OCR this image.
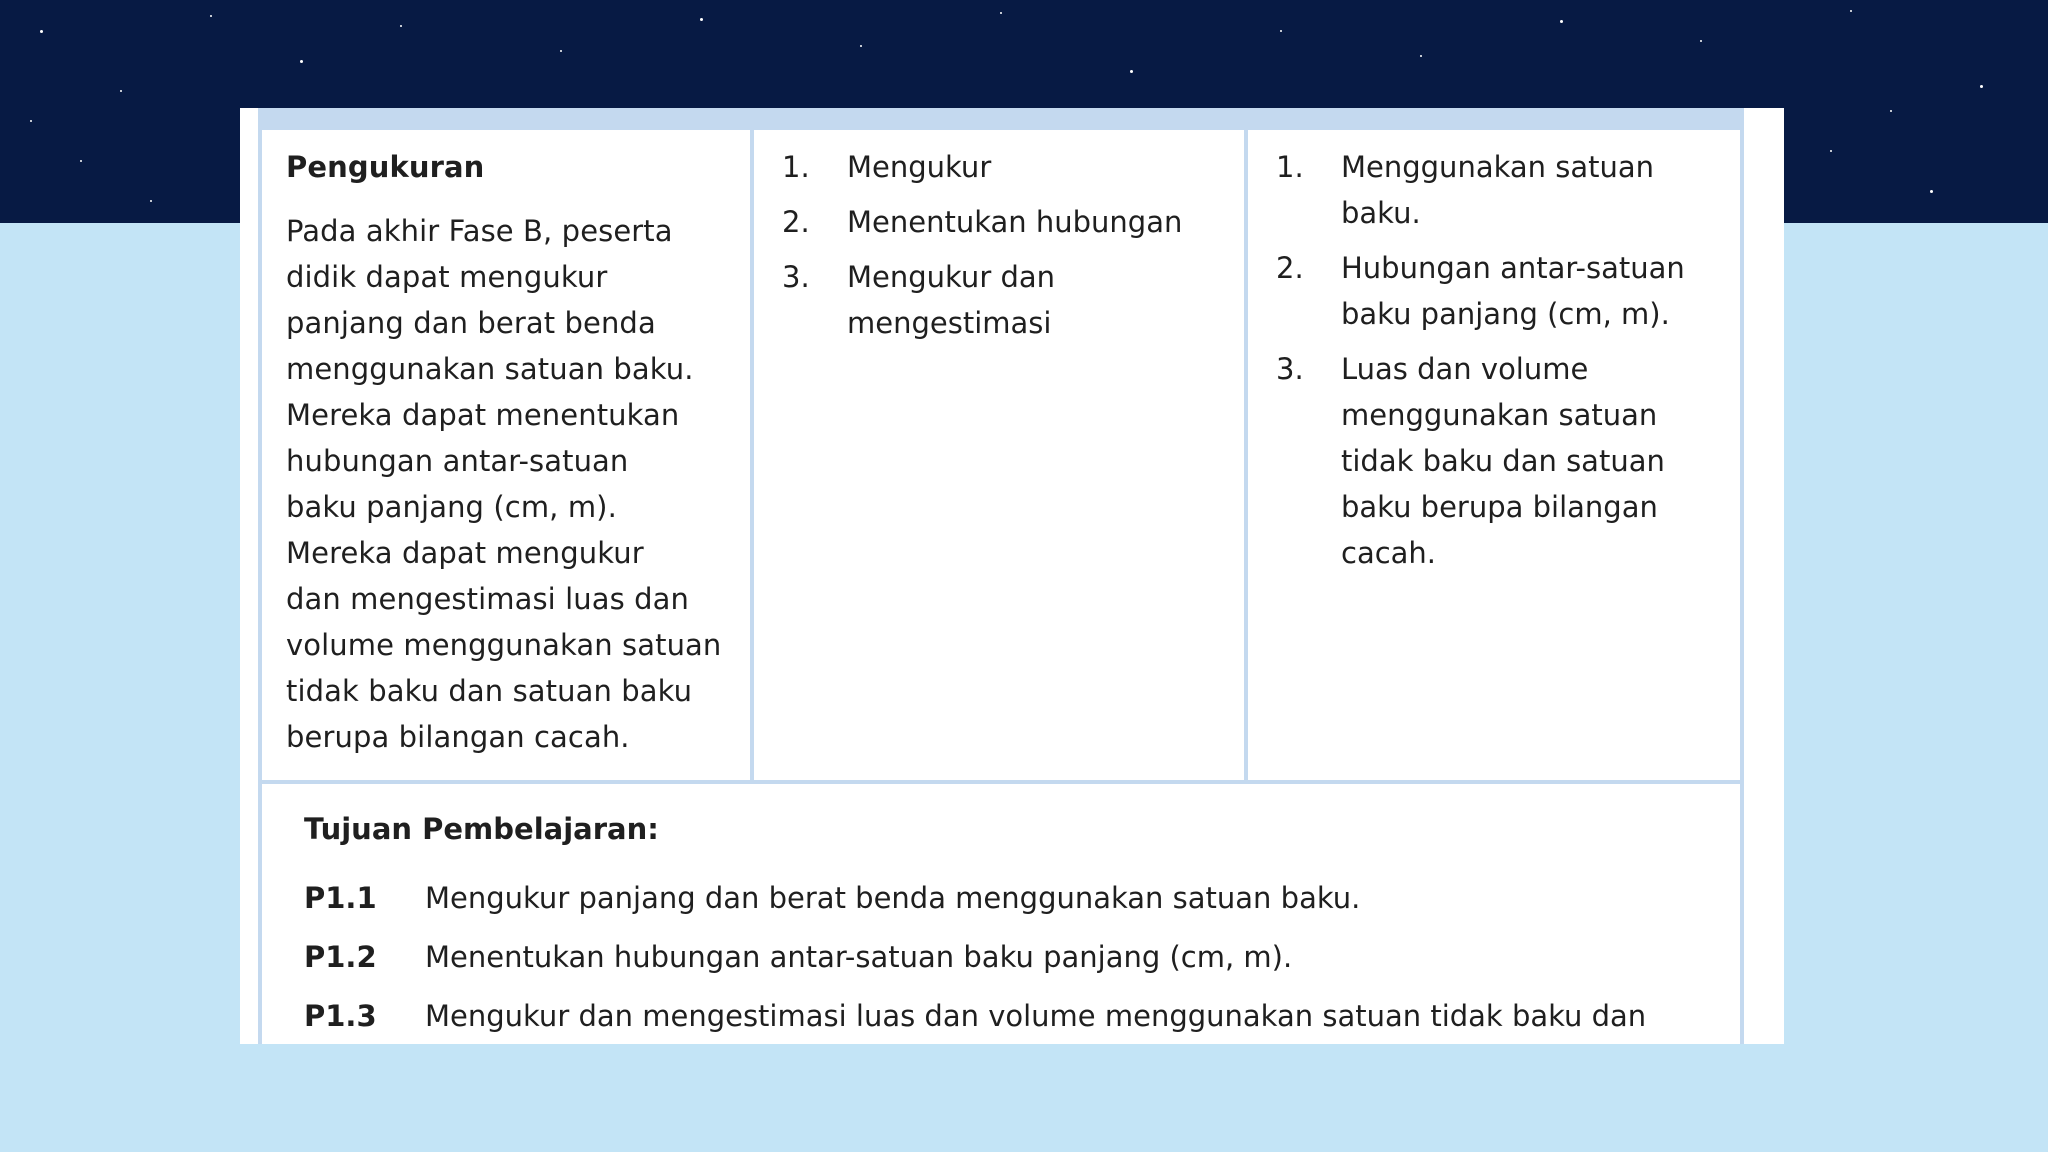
Pengukuran
Pada akhir Fase B, peserta
didik dapat mengukur
panjang dan berat benda
menggunakan satuan baku.
Mereka dapat menentukan
hubungan antar-satuan
baku panjang (cm, m).
Mereka dapat mengukur
dan mengestimasi luas dan
volume menggunakan satuan
tidak baku dan satuan baku
berupa bilangan cacah.
1. Mengukur
2. Menentukan hubungan
3. Mengukur dan
mengestimasi
1. Menggunakan satuan
baku.
2. Hubungan antar-satuan
baku panjang (cm, m).
3. Luas dan volume
menggunakan satuan
tidak baku dan satuan
baku berupa bilangan
cacah.
Tujuan Pembelajaran:
P1.1 Mengukur panjang dan berat benda menggunakan satuan baku.
P1.2 Menentukan hubungan antar-satuan baku panjang (cm, m).
P1.3 Mengukur dan mengestimasi luas dan volume menggunakan satuan tidak baku dan
